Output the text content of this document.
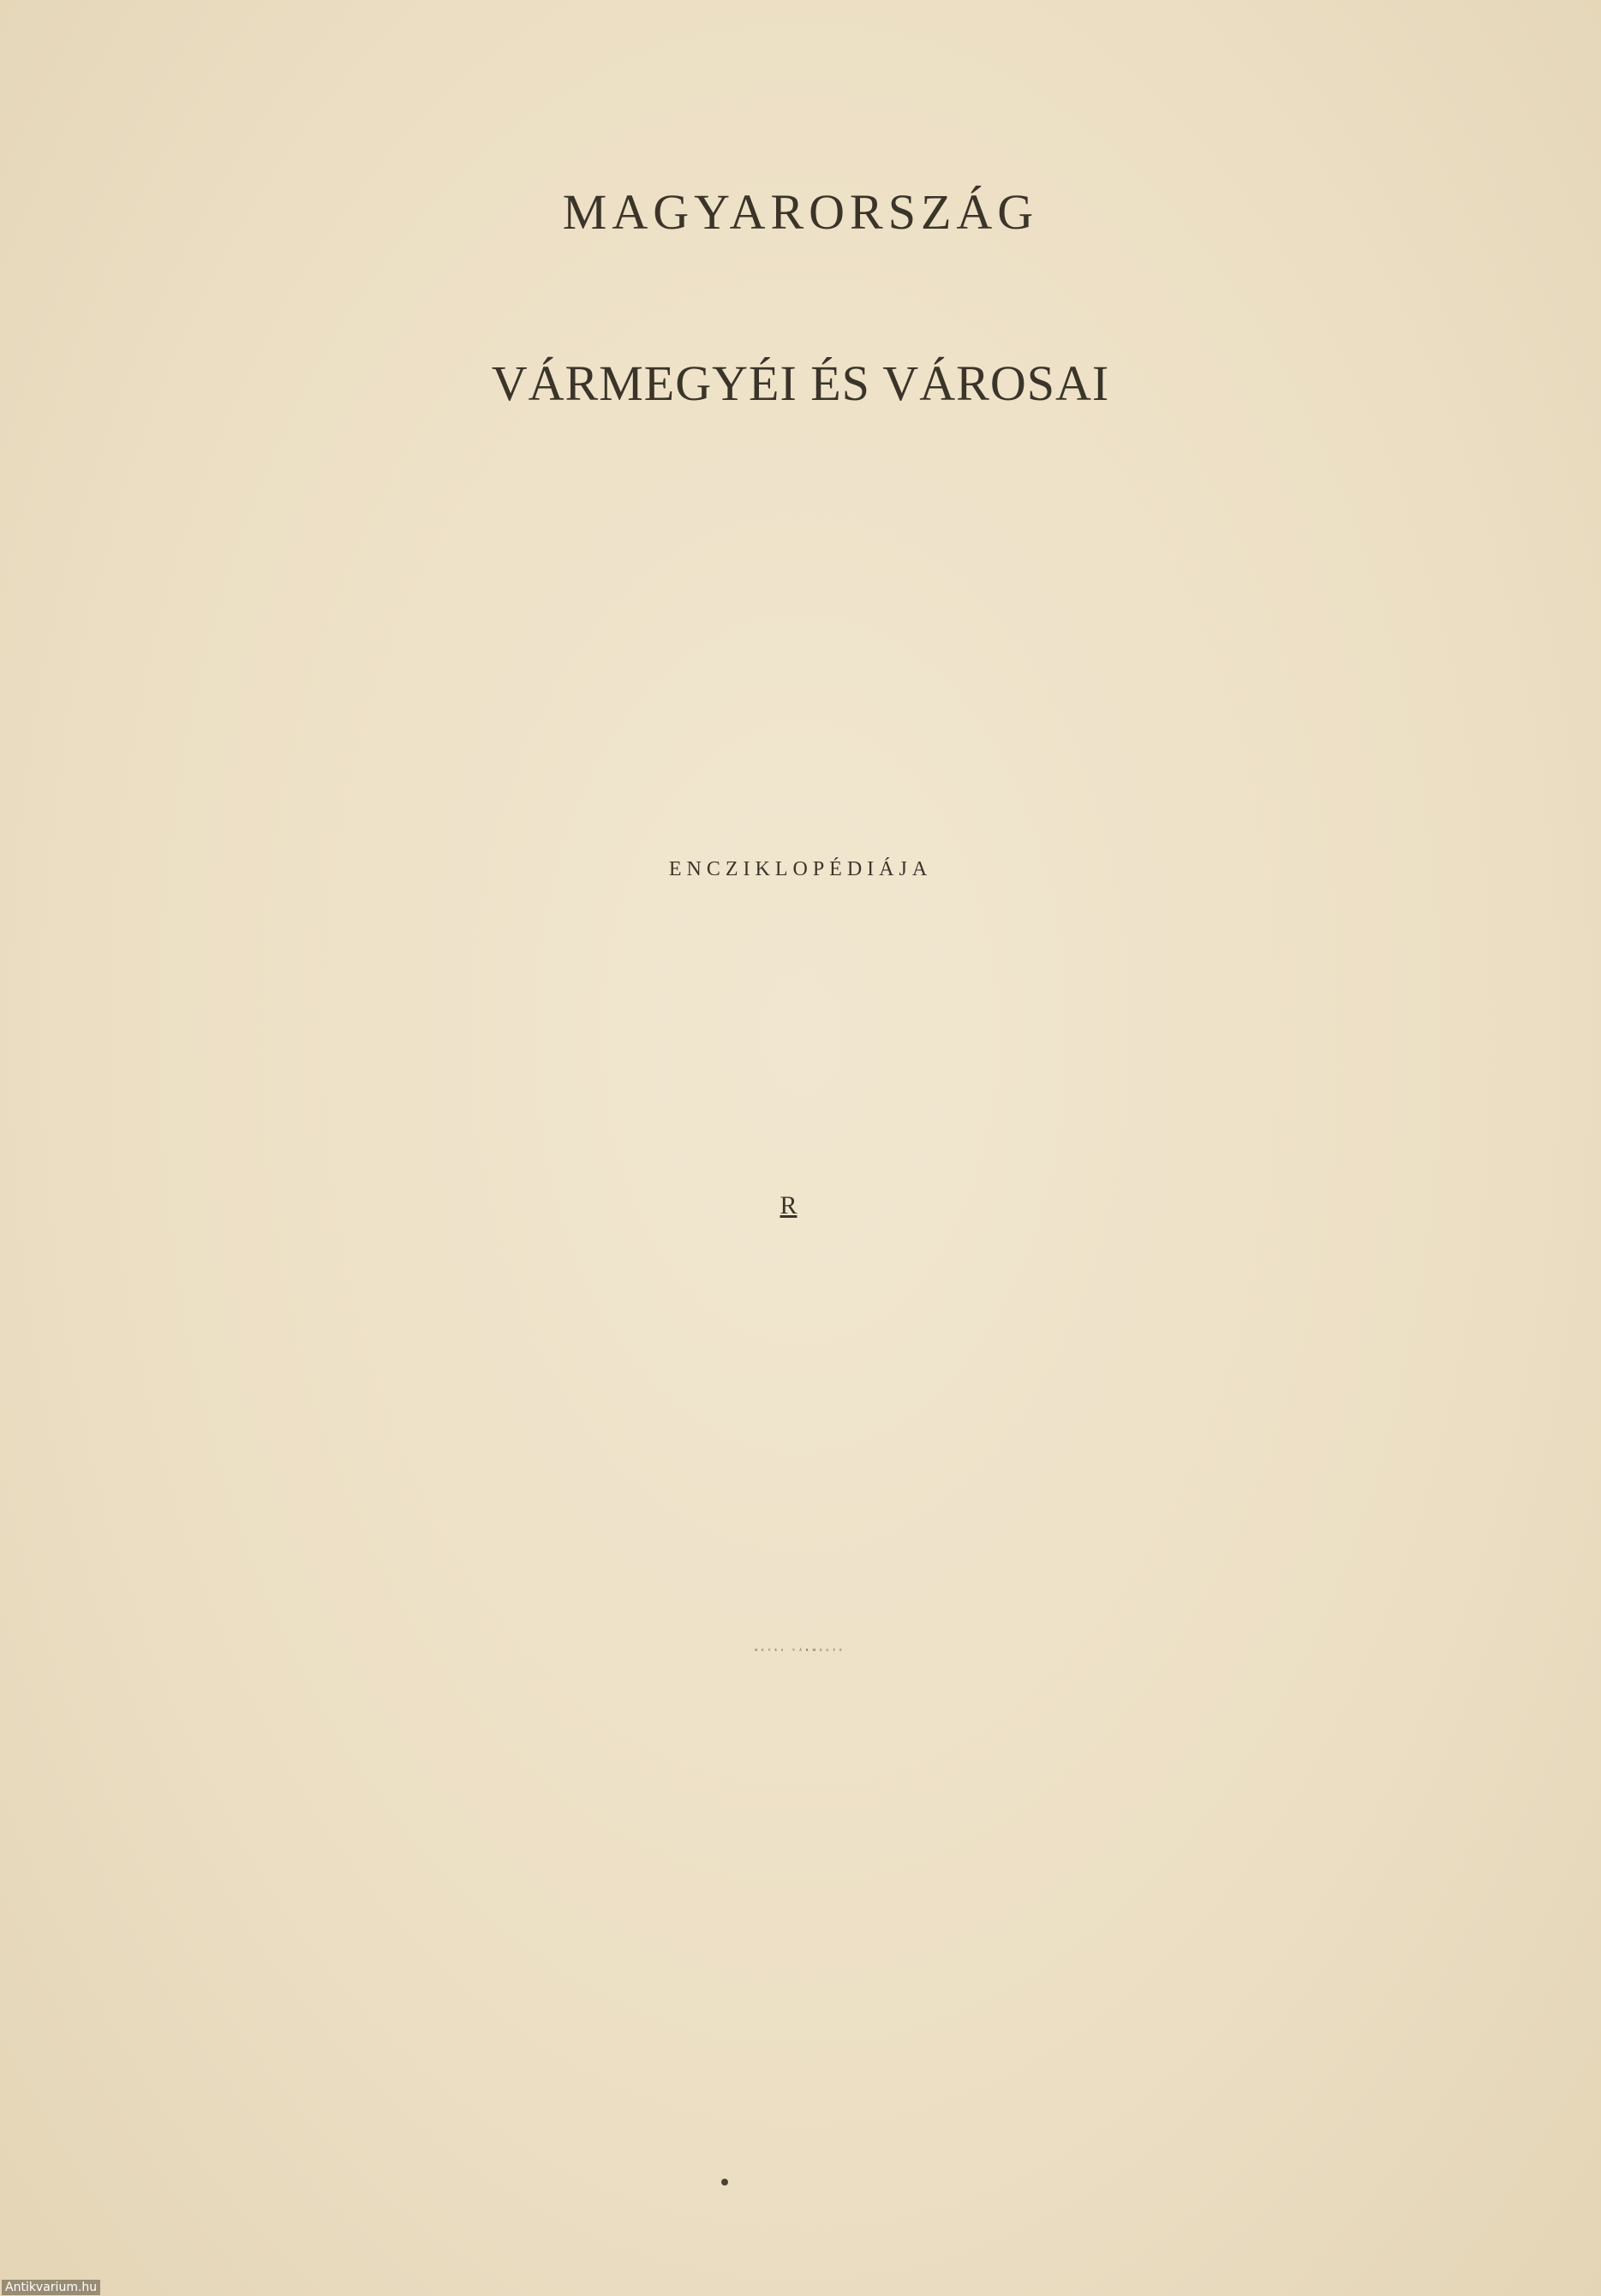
MAGYARORSZÁG
VÁRMEGYÉI ÉS VÁROSAI
ENCZIKLOPÉDIÁJA
R
HEVES VÁRMEGYE
Antikvarium.hu
